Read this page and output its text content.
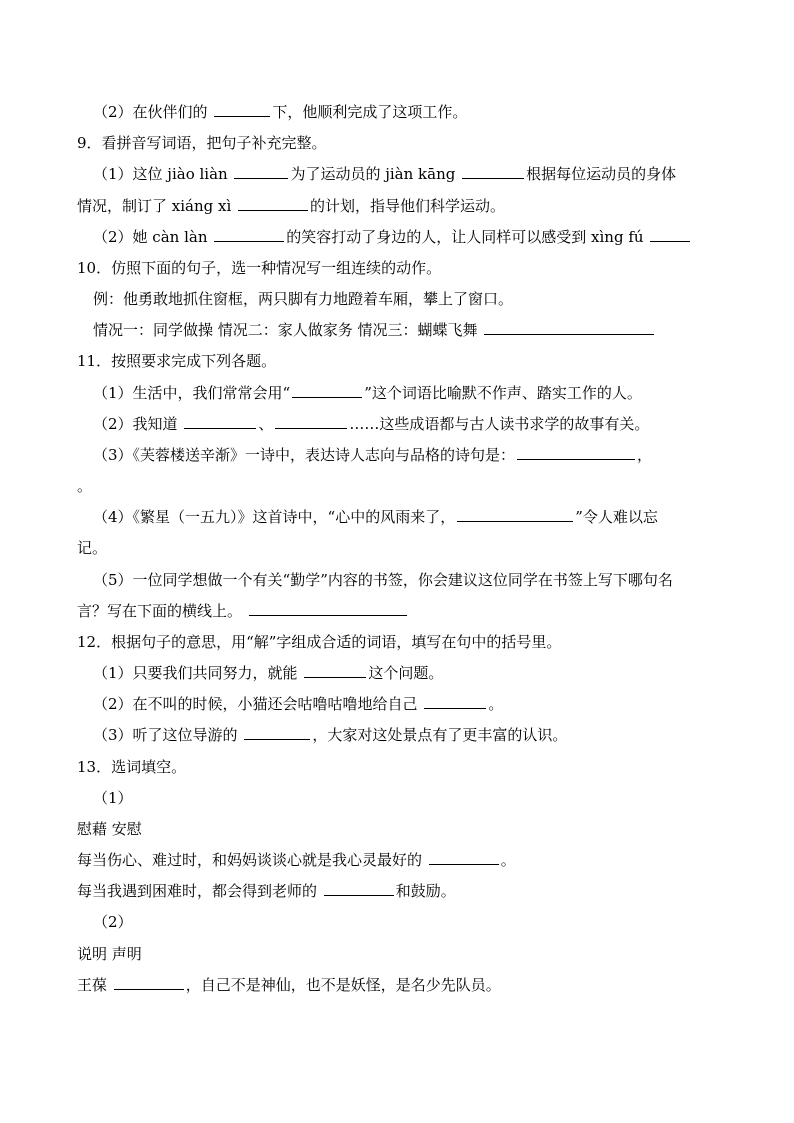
（2）在伙伴们的	下，他顺利完成了这项工作。
9．看拼音写词语，把句子补充完整。
（1）这位 jiào liàn	为了运动员的 jiàn kāng	根据每位运动员的身体
情况，制订了 xiáng xì	的计划，指导他们科学运动。
（2）她 càn làn	的笑容打动了身边的人，让人同样可以感受到 xìng fú
10．仿照下面的句子，选一种情况写一组连续的动作。
例：他勇敢地抓住窗框，两只脚有力地蹬着车厢，攀上了窗口。
情况一：同学做操 情况二：家人做家务 情况三：蝴蝶飞舞
11．按照要求完成下列各题。
（1）生活中，我们常常会用“	”这个词语比喻默不作声、踏实工作的人。
（2）我知道	、	……这些成语都与古人读书求学的故事有关。
（3）《芙蓉楼送辛渐》一诗中，表达诗人志向与品格的诗句是：	，
。
（4）《繁星（一五九）》这首诗中，“心中的风雨来了，	”令人难以忘
记。
（5）一位同学想做一个有关“勤学”内容的书签，你会建议这位同学在书签上写下哪句名
言？写在下面的横线上。
12．根据句子的意思，用“解”字组成合适的词语，填写在句中的括号里。
（1）只要我们共同努力，就能	这个问题。
（2）在不叫的时候，小猫还会咕噜咕噜地给自己	。
（3）听了这位导游的	，大家对这处景点有了更丰富的认识。
13．选词填空。
（1）
慰藉 安慰
每当伤心、难过时，和妈妈谈谈心就是我心灵最好的	。
每当我遇到困难时，都会得到老师的	和鼓励。
（2）
说明 声明
王葆	，自己不是神仙，也不是妖怪，是名少先队员。
